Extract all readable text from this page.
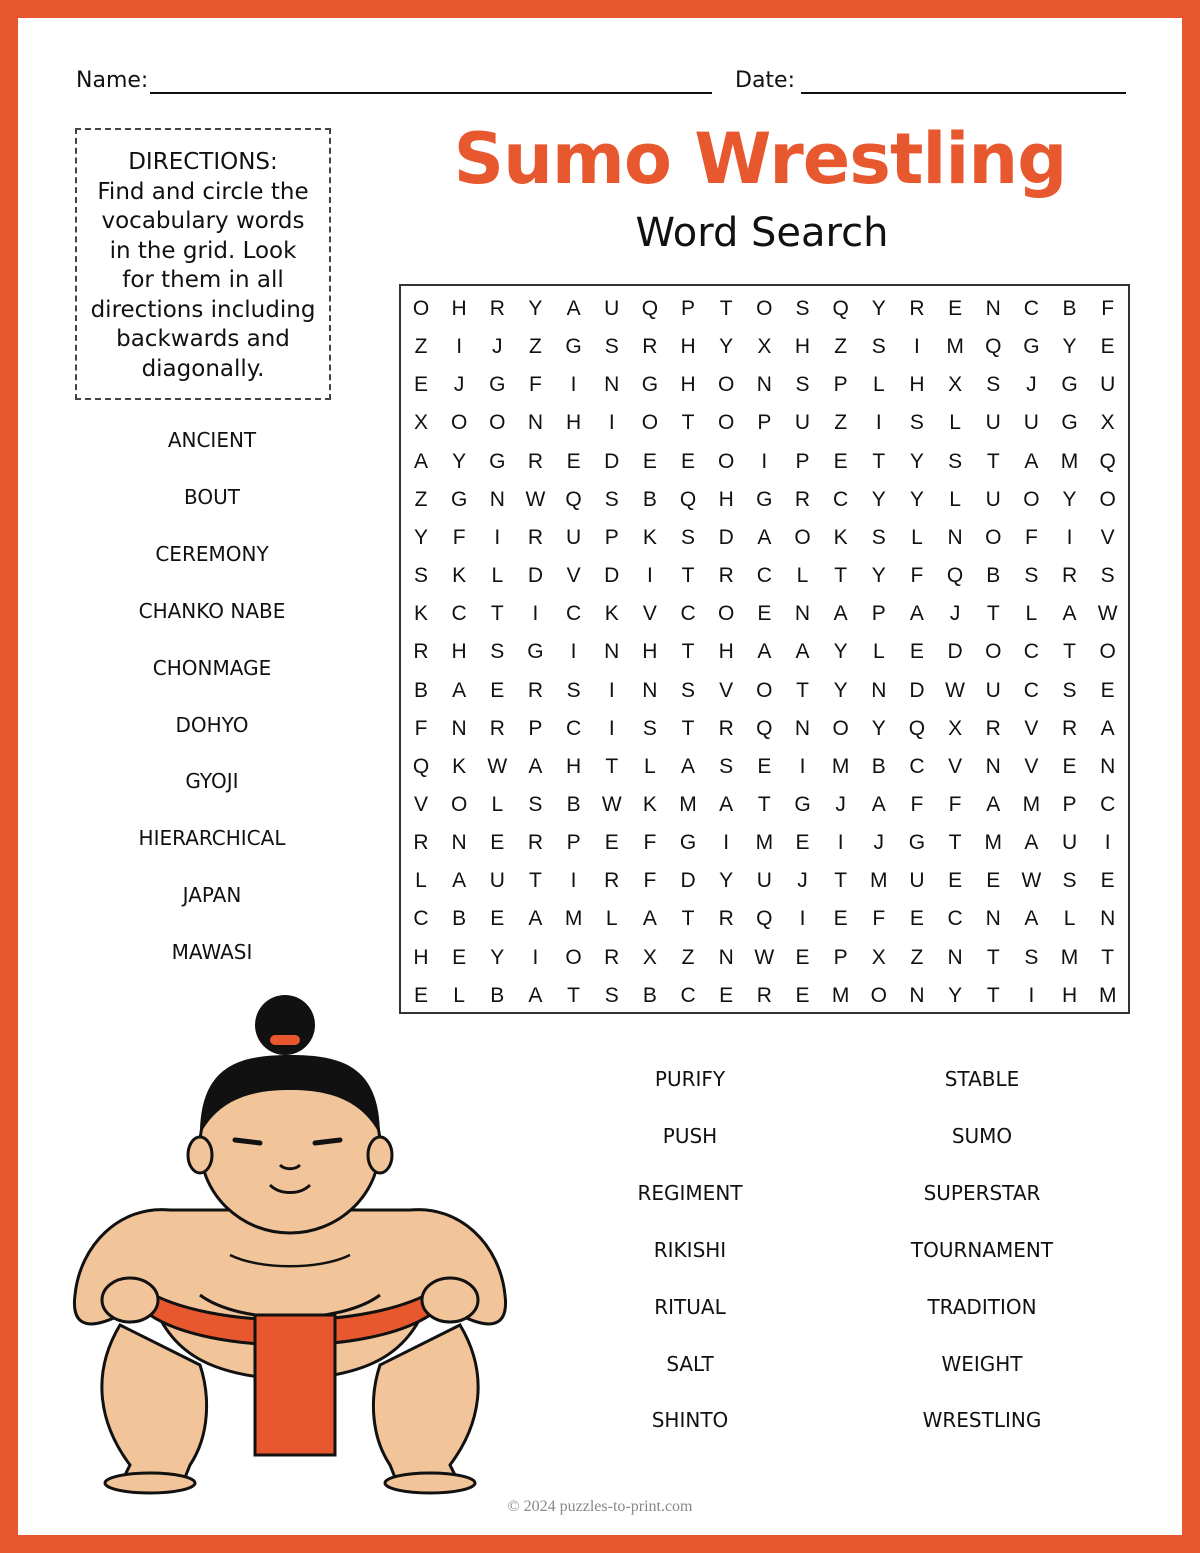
Name:	Date:
DIRECTIONS:
Find and circle the
vocabulary words
in the grid. Look
for them in all
directions including
backwards and
diagonally.
Sumo Wrestling
Word Search
O	H	R	Y	A	U	Q	P	T	O	S	Q	Y	R	E	N	C	B	F
Z	I	J	Z	G	S	R	H	Y	X	H	Z	S	I	M	Q	G	Y	E
E	J	G	F	I	N	G	H	O	N	S	P	L	H	X	S	J	G	U
X	O	O	N	H	I	O	T	O	P	U	Z	I	S	L	U	U	G	X
A	Y	G	R	E	D	E	E	O	I	P	E	T	Y	S	T	A	M	Q
Z	G	N W Q	S	B	Q	H	G	R	C	Y	Y	L	U	O	Y	O
Y	F	I	R	U	P	K	S	D	A	O	K	S	L	N	O	F	I	V
S	K	L	D	V	D	I	T	R	C	L	T	Y	F	Q	B	S	R	S
K	C	T	I	C	K	V	C	O	E	N	A	P	A	J	T	L	A	W
R	H	S	G	I	N	H	T	H	A	A	Y	L	E	D	O	C	T	O
B	A	E	R	S	I	N	S	V	O	T	Y	N	D W U	C	S	E
F	N	R	P	C	I	S	T	R	Q	N	O	Y	Q	X	R	V	R	A
Q	K	W	A	H	T	L	A	S	E	I	M	B	C	V	N	V	E	N
V	O	L	S	B	W	K	M	A	T	G	J	A	F	F	A	M	P	C
R	N	E	R	P	E	F	G	I	M	E	I	J	G	T	M	A	U	I
L	A	U	T	I	R	F	D	Y	U	J	T	M	U	E	E	W	S	E
C	B	E	A	M	L	A	T	R	Q	I	E	F	E	C	N	A	L	N
H	E	Y	I	O	R	X	Z	N W	E	P	X	Z	N	T	S	M	T
E	L	B	A	T	S	B	C	E	R	E	M	O	N	Y	T	I	H	M
ANCIENT
BOUT
CEREMONY
CHANKO NABE
CHONMAGE
DOHYO
GYOJI
HIERARCHICAL
JAPAN
MAWASI
PURIFY
PUSH
REGIMENT
RIKISHI
RITUAL
SALT
SHINTO
STABLE
SUMO
SUPERSTAR
TOURNAMENT
TRADITION
WEIGHT
WRESTLING
© 2024 puzzles-to-print.com
